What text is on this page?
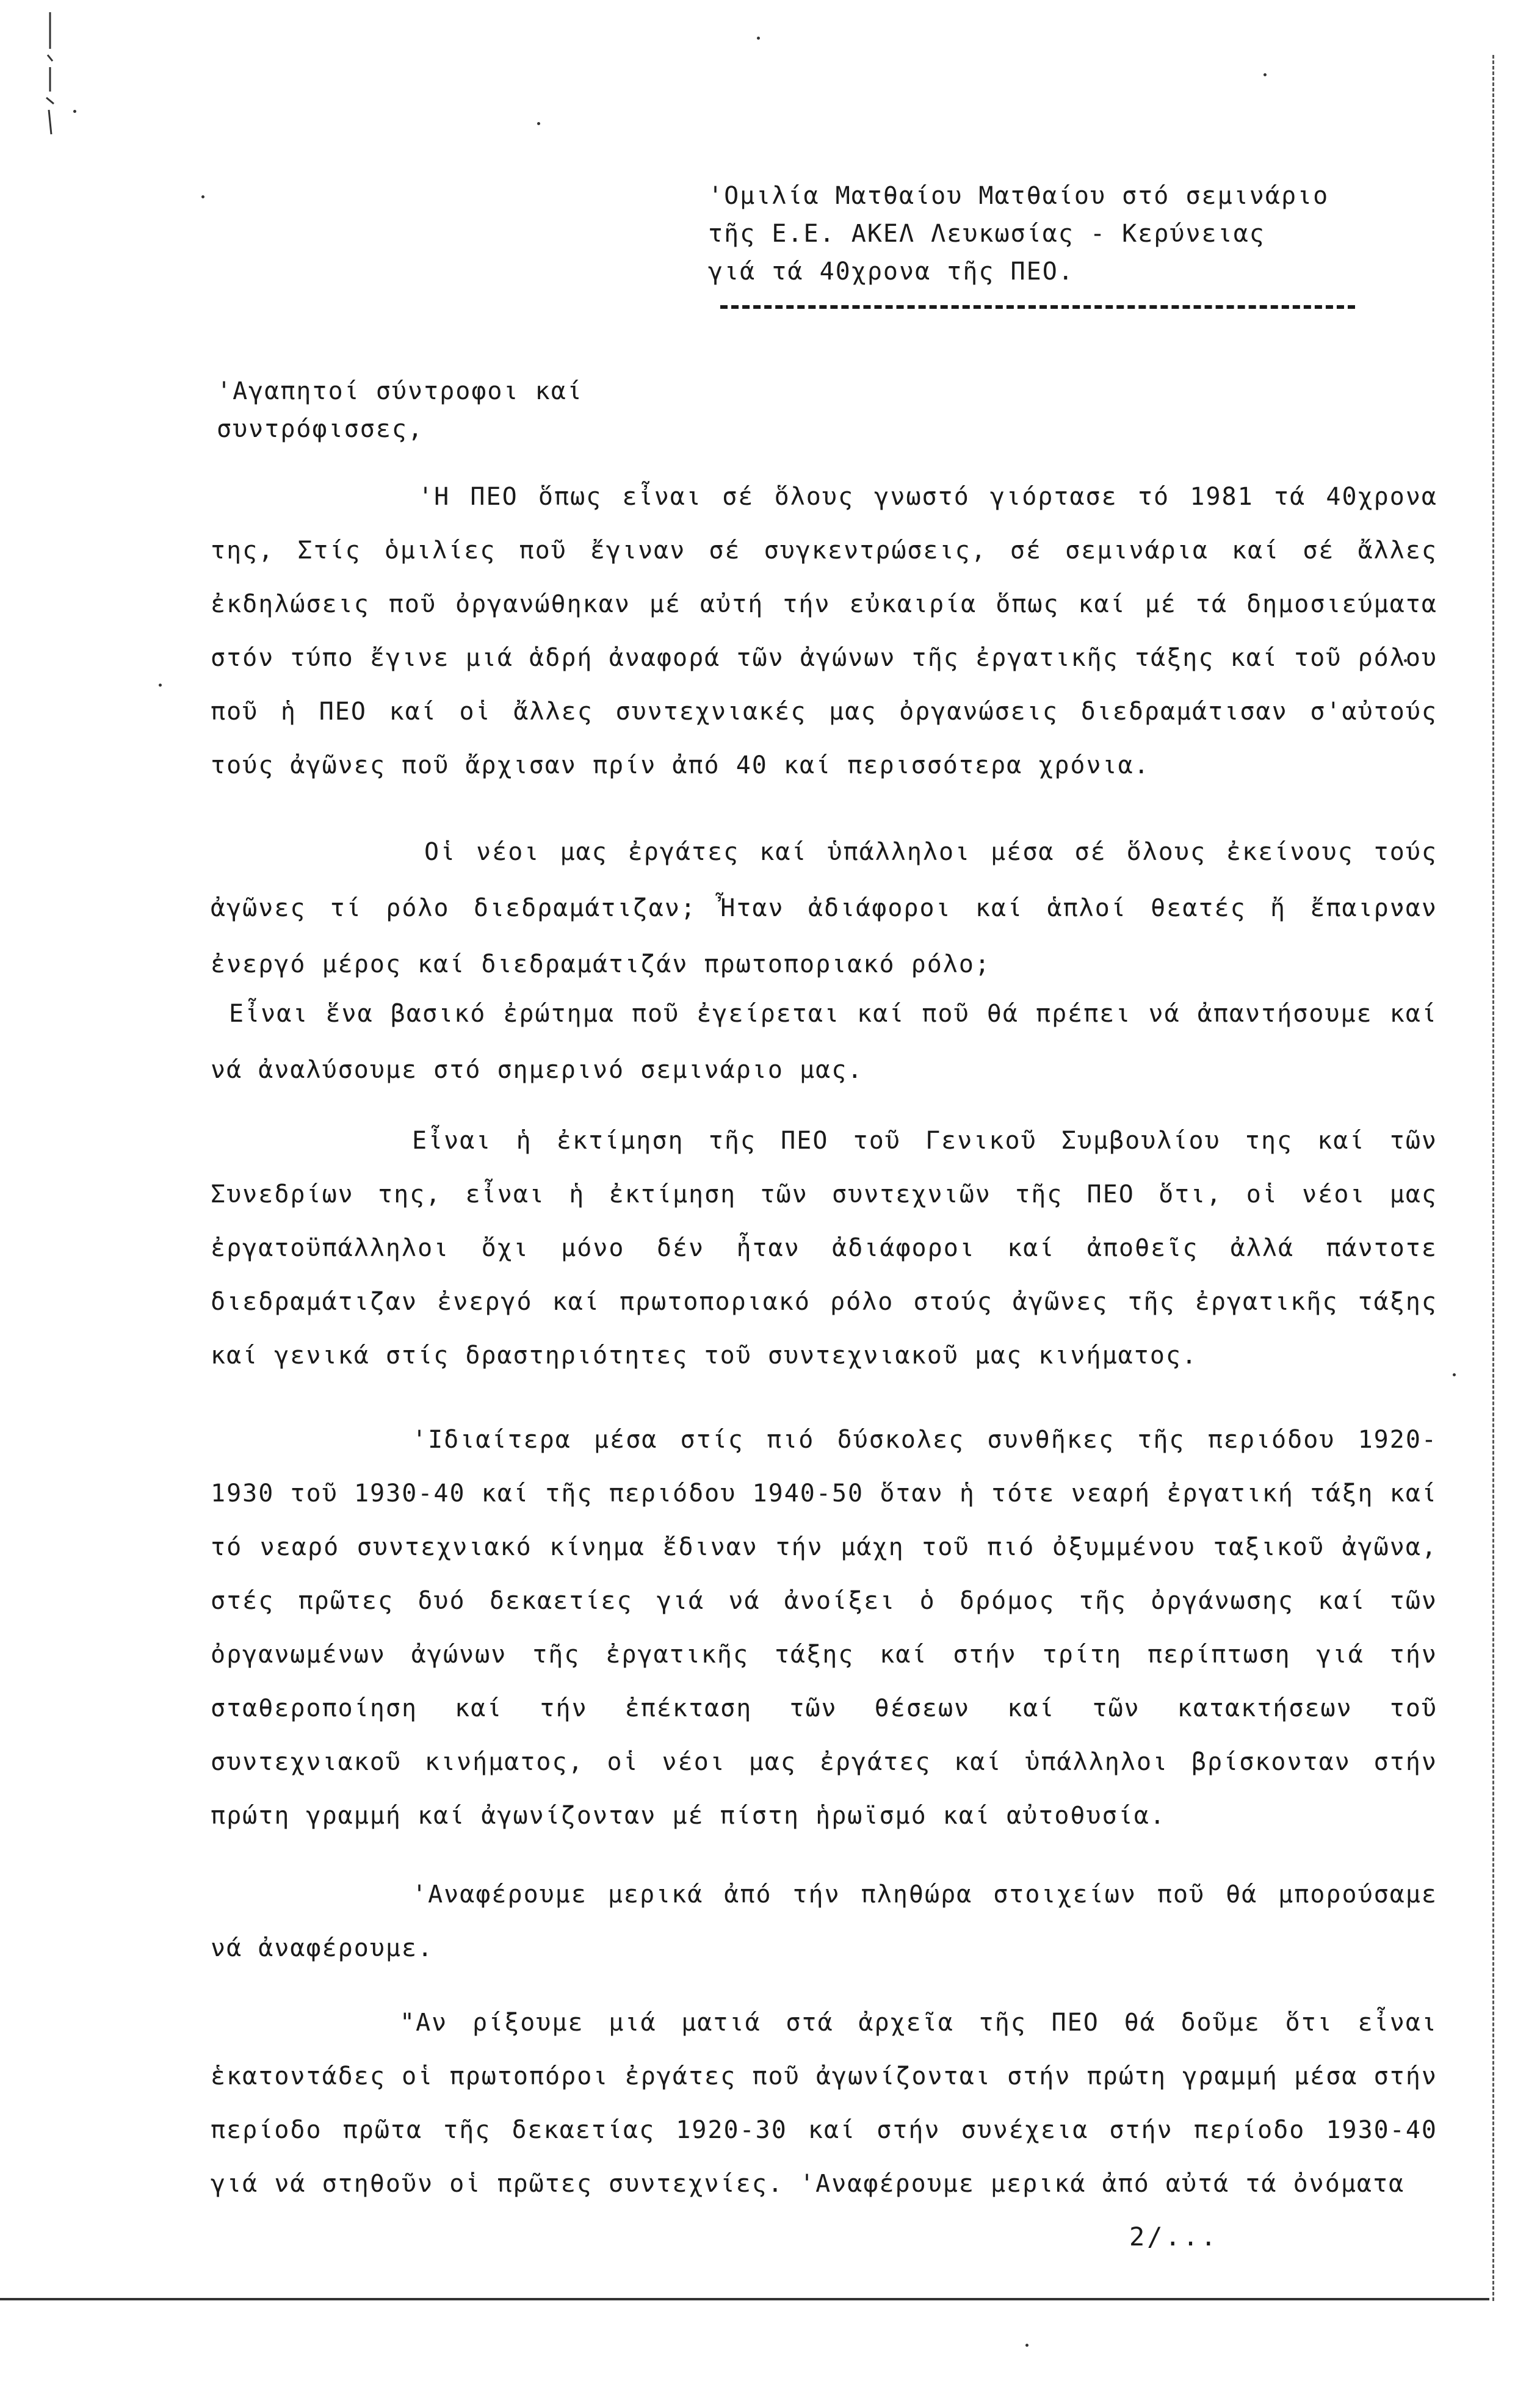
'Ομιλία Ματθαίου Ματθαίου στό σεμινάριο
τῆς Ε.Ε. ΑΚΕΛ Λευκωσίας - Κερύνειας
γιά τά 40χρονα τῆς ΠΕΟ.
'Αγαπητοί σύντροφοι καί
συντρόφισσες,
'Η ΠΕΟ ὅπως εἶναι σέ ὅλους γνωστό γιόρτασε τό 1981 τά 40χρονα της, Στίς ὁμιλίες ποῦ ἔγιναν σέ συγκεντρώσεις, σέ σεμινάρια καί σέ ἄλλες ἐκδηλώσεις ποῦ ὀργανώθηκαν μέ αὐτή τήν εὐκαιρία ὅπως καί μέ τά δημοσιεύματα στόν τύπο ἔγινε μιά ἁδρή ἀναφορά τῶν ἀγώνων τῆς ἐργατικῆς τάξης καί τοῦ ρόλου ποῦ ἡ ΠΕΟ καί οἱ ἄλλες συντεχνιακές μας ὀργανώσεις διεδραμάτισαν σ'αὐτούς τούς ἀγῶνες ποῦ ἄρχισαν πρίν ἀπό 40 καί περισσότερα χρόνια.
Οἱ νέοι μας ἐργάτες καί ὑπάλληλοι μέσα σέ ὅλους ἐκείνους τούς ἀγῶνες τί ρόλο διεδραμάτιζαν; Ἦταν ἀδιάφοροι καί ἁπλοί θεατές ἤ ἔπαιρναν ἐνεργό μέρος καί διεδραμάτιζάν πρωτοποριακό ρόλο;
Εἶναι ἕνα βασικό ἐρώτημα ποῦ ἐγείρεται καί ποῦ θά πρέπει νά ἀπαντήσουμε καί νά ἀναλύσουμε στό σημερινό σεμινάριο μας.
Εἶναι ἡ ἐκτίμηση τῆς ΠΕΟ τοῦ Γενικοῦ Συμβουλίου της καί τῶν Συνεδρίων της, εἶναι ἡ ἐκτίμηση τῶν συντεχνιῶν τῆς ΠΕΟ ὅτι, οἱ νέοι μας ἐργατοϋπάλληλοι ὄχι μόνο δέν ἦταν ἀδιάφοροι καί ἀποθεῖς ἀλλά πάντοτε διεδραμάτιζαν ἐνεργό καί πρωτοποριακό ρόλο στούς ἀγῶνες τῆς ἐργατικῆς τάξης καί γενικά στίς δραστηριότητες τοῦ συντεχνιακοῦ μας κινήματος.
'Ιδιαίτερα μέσα στίς πιό δύσκολες συνθῆκες τῆς περιόδου 1920-1930 τοῦ 1930-40 καί τῆς περιόδου 1940-50 ὅταν ἡ τότε νεαρή ἐργατική τάξη καί τό νεαρό συντεχνιακό κίνημα ἔδιναν τήν μάχη τοῦ πιό ὀξυμμένου ταξικοῦ ἀγῶνα, στές πρῶτες δυό δεκαετίες γιά νά ἀνοίξει ὁ δρόμος τῆς ὀργάνωσης καί τῶν ὀργανωμένων ἀγώνων τῆς ἐργατικῆς τάξης καί στήν τρίτη περίπτωση γιά τήν σταθεροποίηση καί τήν ἐπέκταση τῶν θέσεων καί τῶν κατακτήσεων τοῦ συντεχνιακοῦ κινήματος, οἱ νέοι μας ἐργάτες καί ὑπάλληλοι βρίσκονταν στήν πρώτη γραμμή καί ἀγωνίζονταν μέ πίστη ἡρωϊσμό καί αὐτοθυσία.
'Αναφέρουμε μερικά ἀπό τήν πληθώρα στοιχείων ποῦ θά μπορούσαμε νά ἀναφέρουμε.
"Αν ρίξουμε μιά ματιά στά ἀρχεῖα τῆς ΠΕΟ θά δοῦμε ὅτι εἶναι ἑκατοντάδες οἱ πρωτοπόροι ἐργάτες ποῦ ἀγωνίζονται στήν πρώτη γραμμή μέσα στήν περίοδο πρῶτα τῆς δεκαετίας 1920-30 καί στήν συνέχεια στήν περίοδο 1930-40 γιά νά στηθοῦν οἱ πρῶτες συντεχνίες. 'Αναφέρουμε μερικά ἀπό αὐτά τά ὀνόματα
2/...
